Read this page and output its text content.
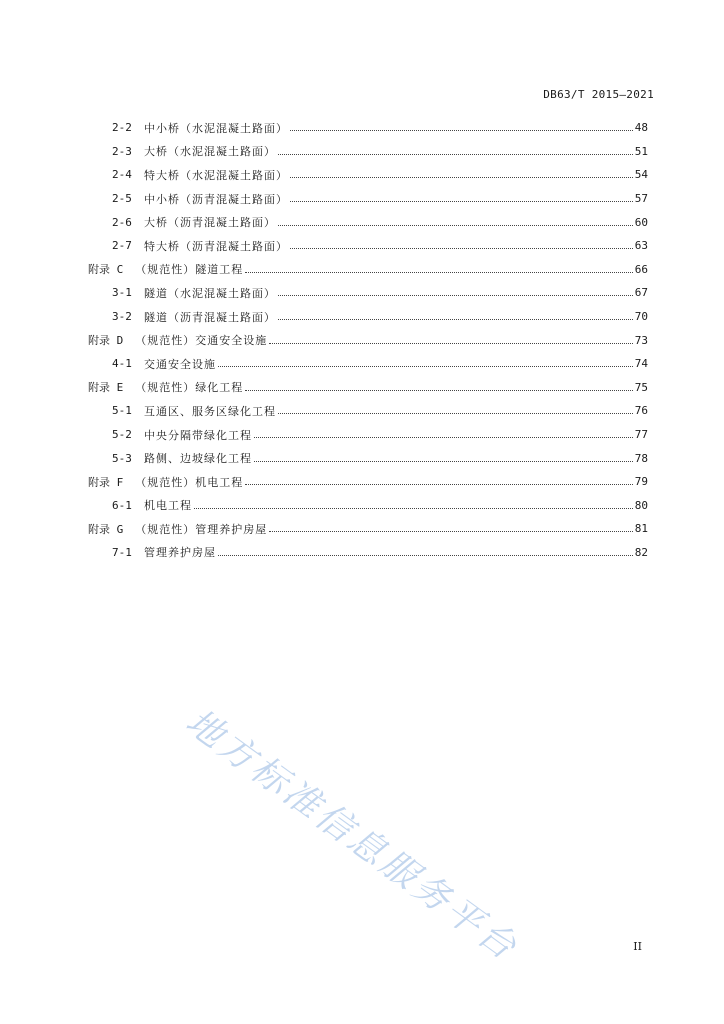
DB63/T 2015—2021
2-2	中小桥（水泥混凝土路面）	48
2-3	大桥（水泥混凝土路面）	51
2-4	特大桥（水泥混凝土路面）	54
2-5	中小桥（沥青混凝土路面）	57
2-6	大桥（沥青混凝土路面）	60
2-7	特大桥（沥青混凝土路面）	63
附录 C （规范性）隧道工程	66
3-1	隧道（水泥混凝土路面）	67
3-2	隧道（沥青混凝土路面）	70
附录 D （规范性）交通安全设施	73
4-1	交通安全设施	74
附录 E （规范性）绿化工程	75
5-1	互通区、服务区绿化工程	76
5-2	中央分隔带绿化工程	77
5-3	路侧、边坡绿化工程	78
附录 F （规范性）机电工程	79
6-1	机电工程	80
附录 G （规范性）管理养护房屋	81
7-1	管理养护房屋	82
地方标准信息服务平台	II
